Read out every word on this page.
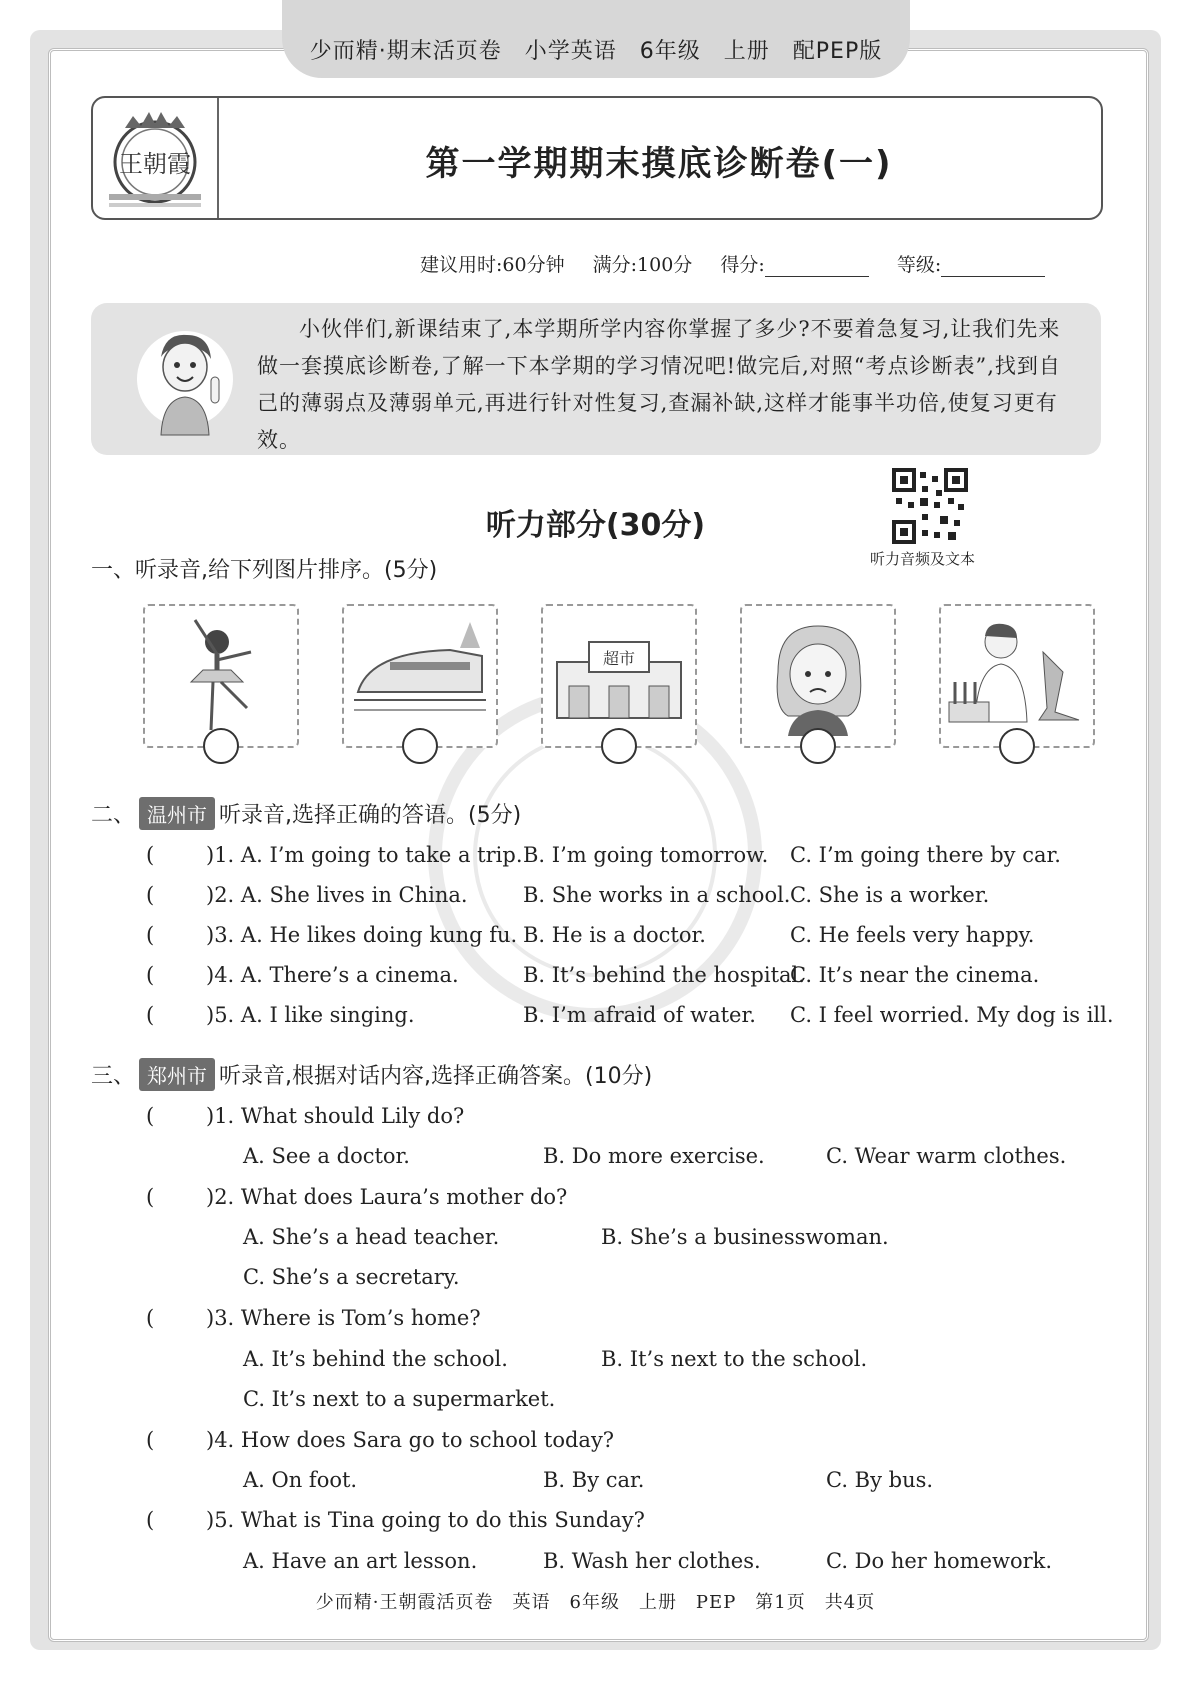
少而精·期末活页卷　小学英语　6年级　上册　配PEP版
王朝霞	第一学期期末摸底诊断卷(一)
建议用时:60分钟 满分:100分 得分:	等级:
小伙伴们,新课结束了,本学期所学内容你掌握了多少?不要着急复习,让我们先来做一套摸底诊断卷,了解一下本学期的学习情况吧!做完后,对照“考点诊断表”,找到自己的薄弱点及薄弱单元,再进行针对性复习,查漏补缺,这样才能事半功倍,使复习更有效。
听力音频及文本
听力部分(30分)
一、听录音,给下列图片排序。(5分)
超市
二、 温州市 听录音,选择正确的答语。(5分)
( )1. A. I’m going to take a trip. B. I’m going tomorrow. C. I’m going there by car.
( )2. A. She lives in China.	B. She works in a school. C. She is a worker.
( )3. A. He likes doing kung fu. B. He is a doctor.	C. He feels very happy.
( )4. A. There’s a cinema.	B. It’s behind the hospital.
C. It’s near the cinema.
( )5. A. I like singing.	B. I’m afraid of water. C. I feel worried. My dog is ill.
三、 郑州市 听录音,根据对话内容,选择正确答案。(10分)
( )1. What should Lily do?
A. See a doctor.	B. Do more exercise.	C. Wear warm clothes.
( )2. What does Laura’s mother do?
A. She’s a head teacher.	B. She’s a businesswoman.
C. She’s a secretary.
( )3. Where is Tom’s home?
A. It’s behind the school.	B. It’s next to the school.
C. It’s next to a supermarket.
( )4. How does Sara go to school today?
A. On foot.	B. By car.	C. By bus.
( )5. What is Tina going to do this Sunday?
A. Have an art lesson.	B. Wash her clothes.	C. Do her homework.
少而精·王朝霞活页卷　英语　6年级　上册　PEP　第1页　共4页
